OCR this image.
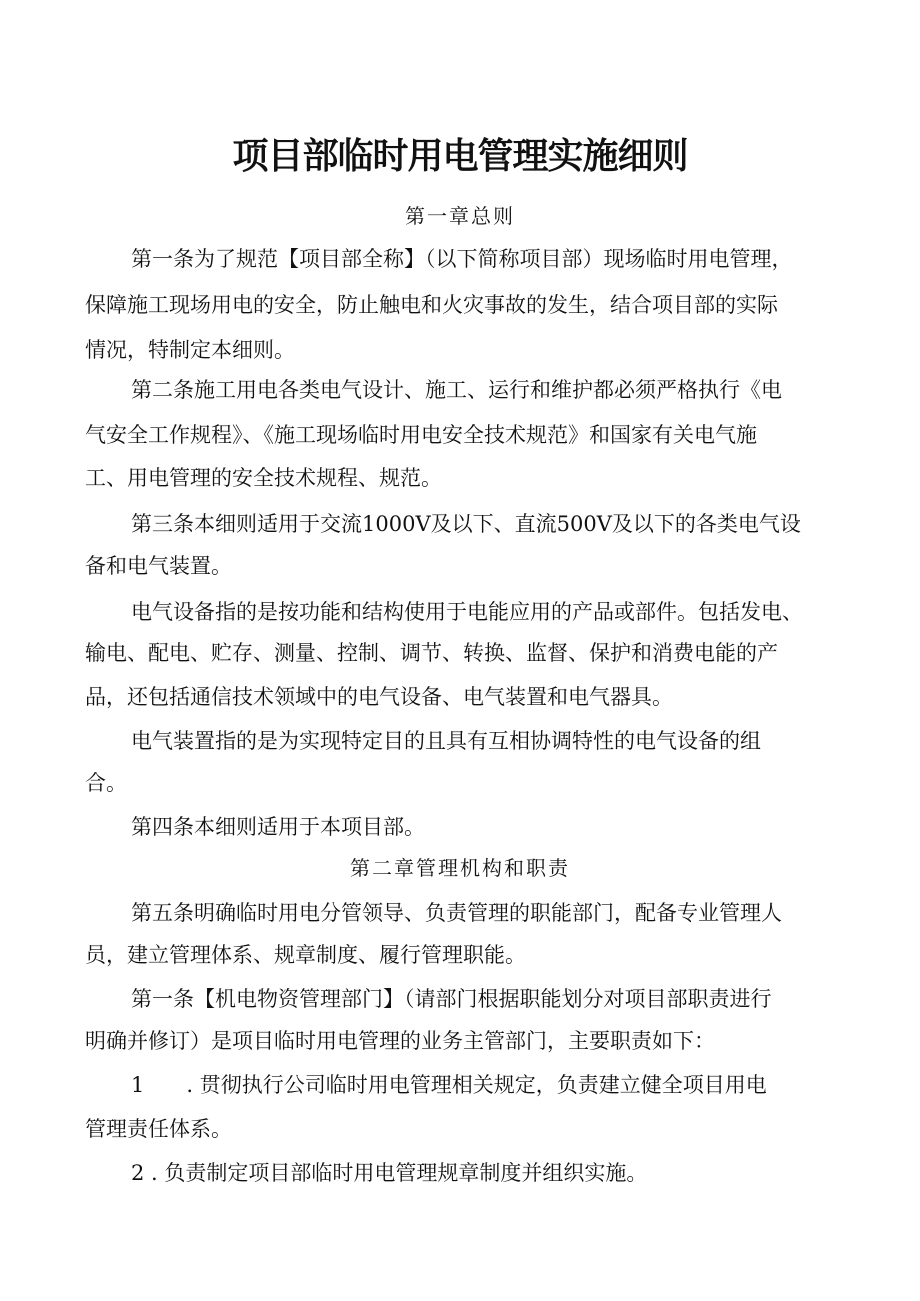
项目部临时用电管理实施细则
第一章总则
第一条为了规范【项目部全称】（以下简称项目部）现场临时用电管理，
保障施工现场用电的安全，防止触电和火灾事故的发生，结合项目部的实际
情况，特制定本细则。
第二条施工用电各类电气设计、施工、运行和维护都必须严格执行《电
气安全工作规程》、《施工现场临时用电安全技术规范》和国家有关电气施
工、用电管理的安全技术规程、规范。
第三条本细则适用于交流1000V及以下、直流500V及以下的各类电气设
备和电气装置。
电气设备指的是按功能和结构使用于电能应用的产品或部件。包括发电、
输电、配电、贮存、测量、控制、调节、转换、监督、保护和消费电能的产
品，还包括通信技术领域中的电气设备、电气装置和电气器具。
电气装置指的是为实现特定目的且具有互相协调特性的电气设备的组
合。
第四条本细则适用于本项目部。
第二章管理机构和职责
第五条明确临时用电分管领导、负责管理的职能部门，配备专业管理人
员，建立管理体系、规章制度、履行管理职能。
第一条【机电物资管理部门】（请部门根据职能划分对项目部职责进行
明确并修订）是项目临时用电管理的业务主管部门，主要职责如下：
1　　. 贯彻执行公司临时用电管理相关规定，负责建立健全项目用电
管理责任体系。
2 . 负责制定项目部临时用电管理规章制度并组织实施。
